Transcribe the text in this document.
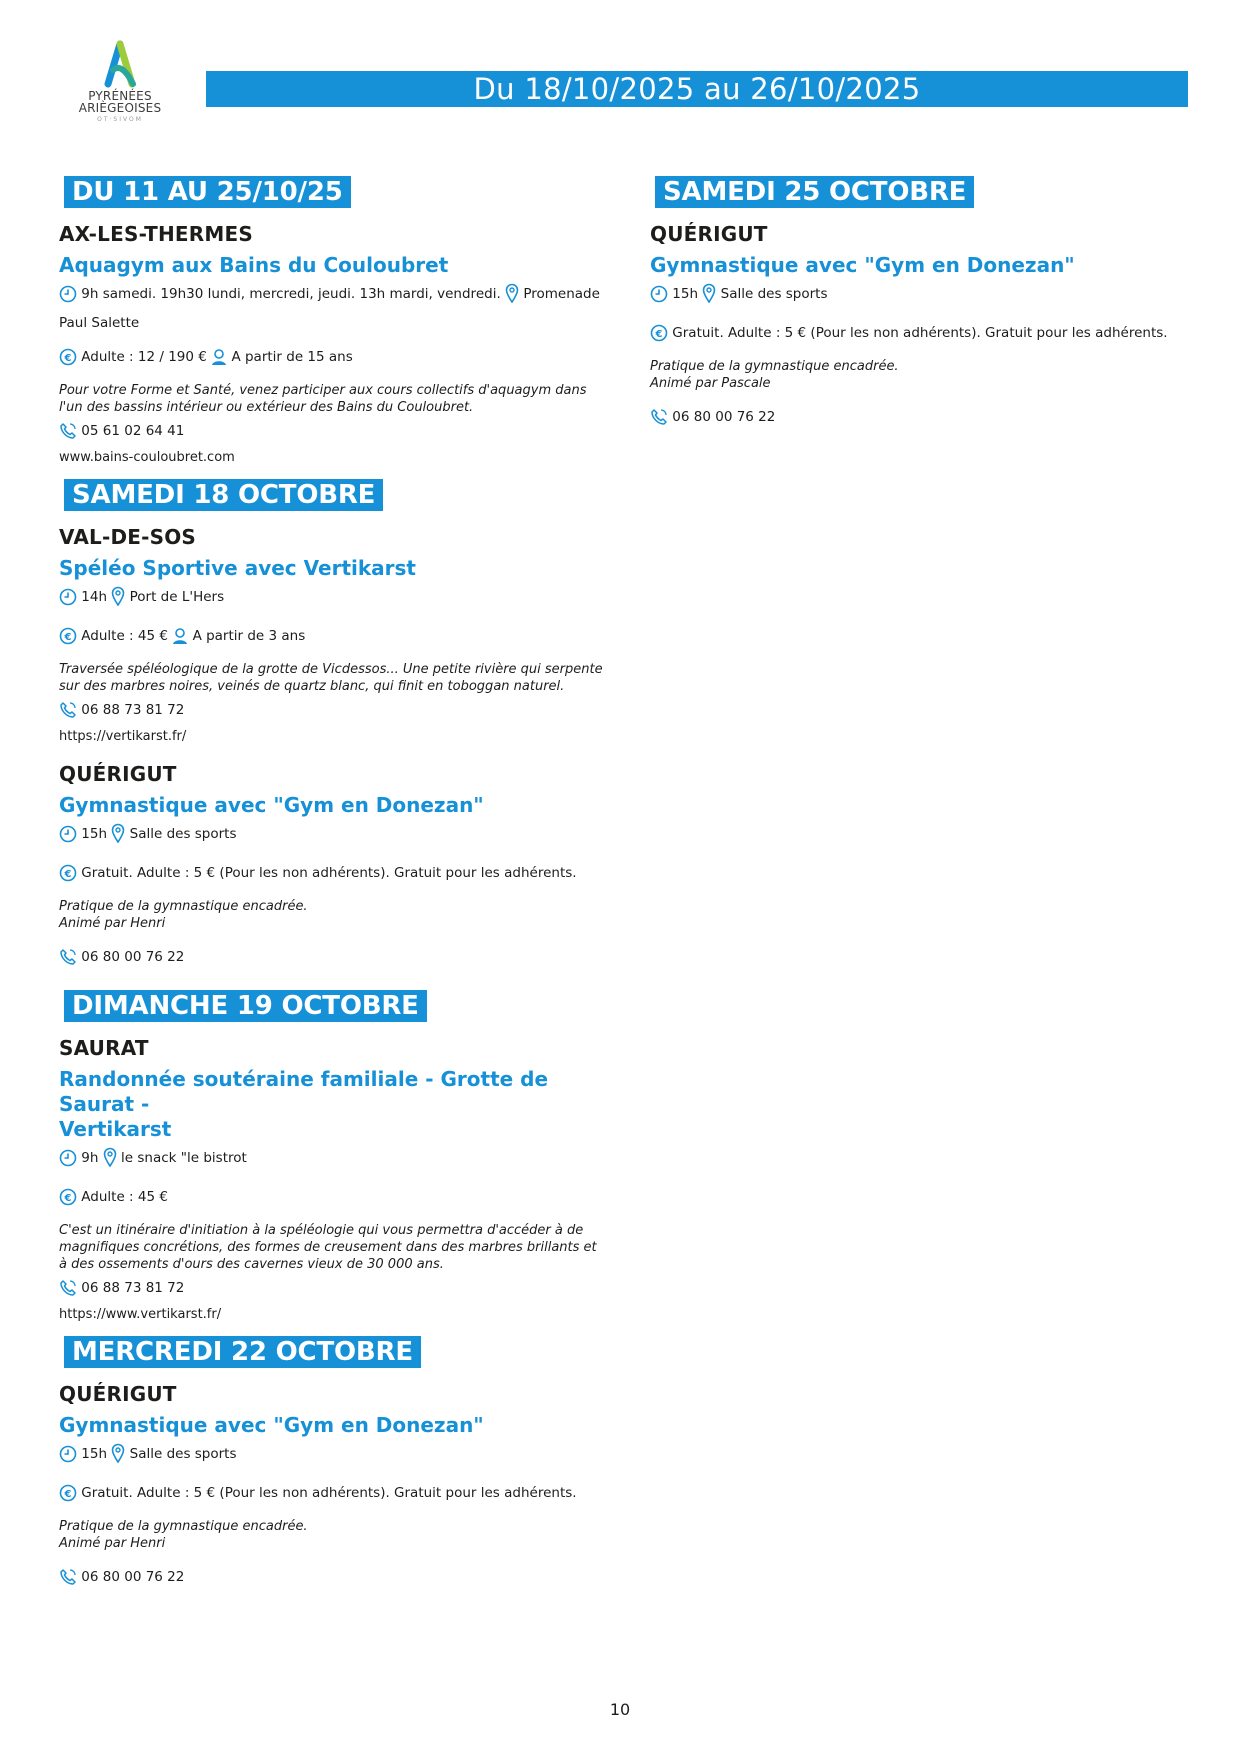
PYRÉNÉES
ARIÈGEOISES
OT·SIVOM
Du 18/10/2025 au 26/10/2025
DU 11 AU 25/10/25
AX-LES-THERMES
Aquagym aux Bains du Couloubret
9h samedi. 19h30 lundi, mercredi, jeudi. 13h mardi, vendredi. Promenade Paul Salette
€ Adulte : 12 / 190 € A partir de 15 ans
Pour votre Forme et Santé, venez participer aux cours collectifs d'aquagym dans l'un des bassins intérieur ou extérieur des Bains du Couloubret.
05 61 02 64 41
www.bains-couloubret.com
SAMEDI 18 OCTOBRE
VAL-DE-SOS
Spéléo Sportive avec Vertikarst
14h Port de L'Hers
€ Adulte : 45 € A partir de 3 ans
Traversée spéléologique de la grotte de Vicdessos... Une petite rivière qui serpente sur des marbres noires, veinés de quartz blanc, qui finit en toboggan naturel.
06 88 73 81 72
https://vertikarst.fr/
QUÉRIGUT
Gymnastique avec "Gym en Donezan"
15h Salle des sports
€ Gratuit. Adulte : 5 € (Pour les non adhérents). Gratuit pour les adhérents.
Pratique de la gymnastique encadrée.
Animé par Henri
06 80 00 76 22
DIMANCHE 19 OCTOBRE
SAURAT
Randonnée soutéraine familiale - Grotte de Saurat -
Vertikarst
9h le snack "le bistrot
€ Adulte : 45 €
C'est un itinéraire d'initiation à la spéléologie qui vous permettra d'accéder à de magnifiques concrétions, des formes de creusement dans des marbres brillants et à des ossements d'ours des cavernes vieux de 30 000 ans.
06 88 73 81 72
https://www.vertikarst.fr/
MERCREDI 22 OCTOBRE
QUÉRIGUT
Gymnastique avec "Gym en Donezan"
15h Salle des sports
€ Gratuit. Adulte : 5 € (Pour les non adhérents). Gratuit pour les adhérents.
Pratique de la gymnastique encadrée.
Animé par Henri
06 80 00 76 22
SAMEDI 25 OCTOBRE
QUÉRIGUT
Gymnastique avec "Gym en Donezan"
15h Salle des sports
€ Gratuit. Adulte : 5 € (Pour les non adhérents). Gratuit pour les adhérents.
Pratique de la gymnastique encadrée.
Animé par Pascale
06 80 00 76 22
10
